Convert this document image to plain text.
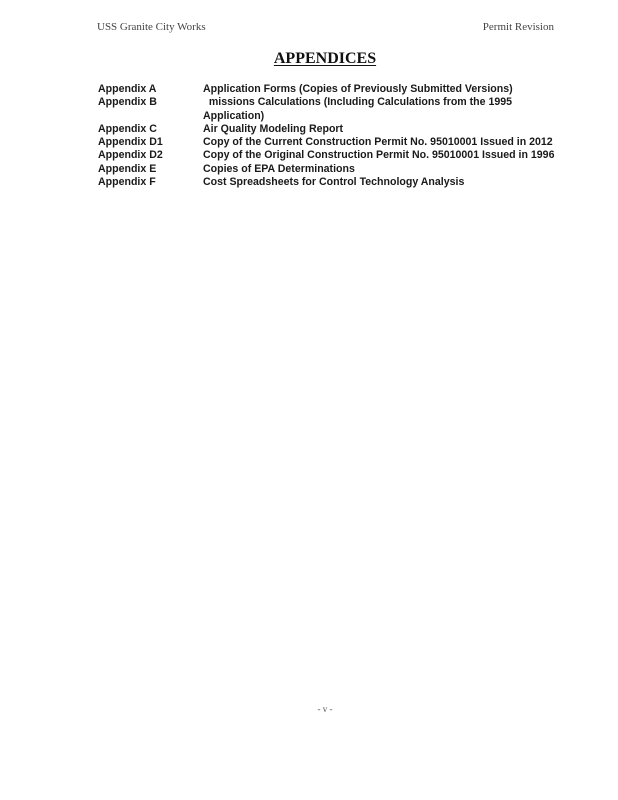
USS Granite City Works	Permit Revision
APPENDICES
Appendix A	Application Forms (Copies of Previously Submitted Versions)
Appendix B	missions Calculations (Including Calculations from the 1995 Application)
Appendix C	Air Quality Modeling Report
Appendix D1	Copy of the Current Construction Permit No. 95010001 Issued in 2012
Appendix D2	Copy of the Original Construction Permit No. 95010001 Issued in 1996
Appendix E	Copies of EPA Determinations
Appendix F	Cost Spreadsheets for Control Technology Analysis
- v -
